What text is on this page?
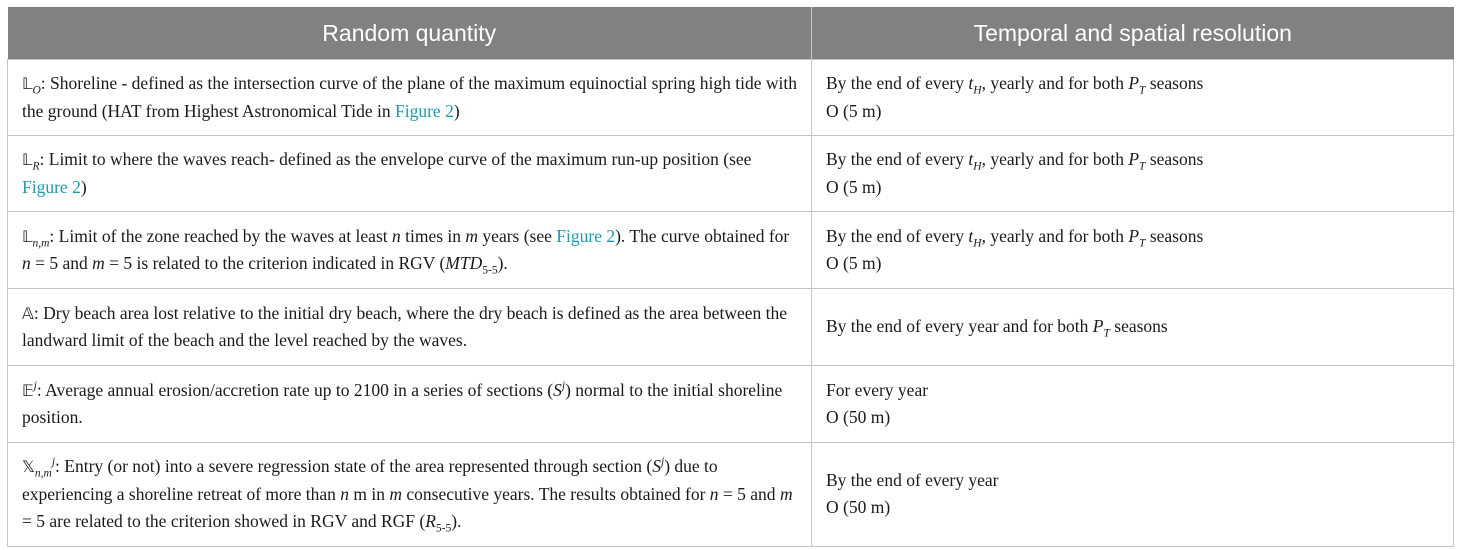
Random quantity	Temporal and spatial resolution
𝕃$_O$: Shoreline - defined as the intersection curve of the plane of the maximum equinoctial spring high tide with the ground (HAT from Highest Astronomical Tide in Figure 2)	By the end of every $t_H$, yearly and for both $P_T$ seasons
O (5 m)
𝕃$_R$: Limit to where the waves reach- defined as the envelope curve of the maximum run-up position (see Figure 2)	By the end of every $t_H$, yearly and for both $P_T$ seasons
O (5 m)
𝕃$_{n,m}$: Limit of the zone reached by the waves at least n times in m years (see Figure 2). The curve obtained for n = 5 and m = 5 is related to the criterion indicated in RGV $(MTD_{5-5})$.	By the end of every $t_H$, yearly and for both $P_T$ seasons
O (5 m)
𝔸: Dry beach area lost relative to the initial dry beach, where the dry beach is defined as the area between the landward limit of the beach and the level reached by the waves.	By the end of every year and for both $P_T$ seasons
𝔼$^j$: Average annual erosion/accretion rate up to 2100 in a series of sections $(S^j)$ normal to the initial shoreline position.	For every year
O (50 m)
𝕏$_{n,m}^j$: Entry (or not) into a severe regression state of the area represented through section $(S^j)$ due to experiencing a shoreline retreat of more than n m in m consecutive years. The results obtained for n = 5 and m = 5 are related to the criterion showed in RGV and RGF $(R_{5-5})$.	By the end of every year
O (50 m)
